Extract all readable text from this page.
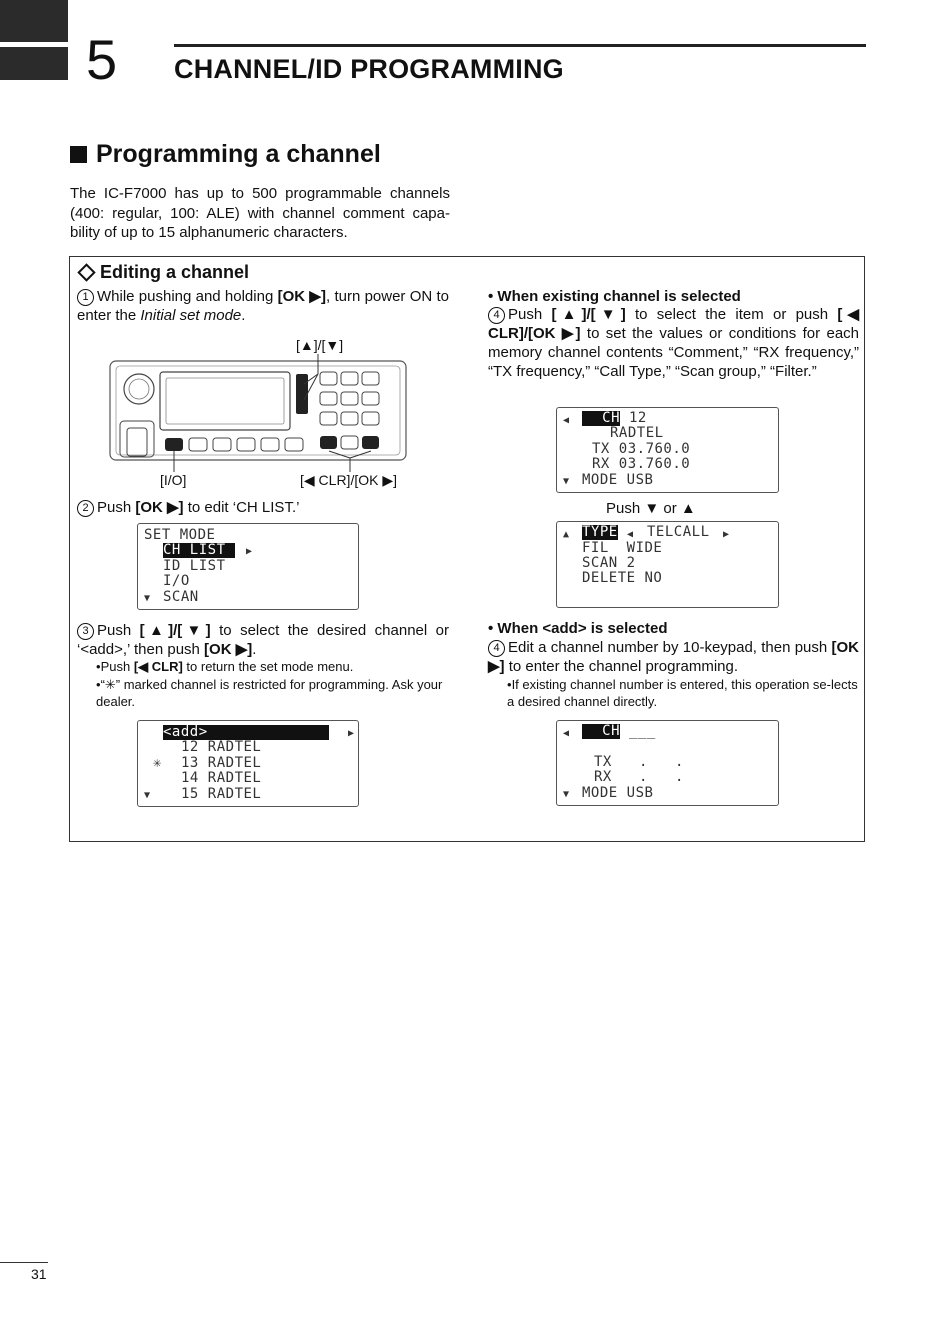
5 CHANNEL/ID PROGRAMMING
Programming a channel
The IC-F7000 has up to 500 programmable channels (400: regular, 100: ALE) with channel comment capa-bility of up to 15 alphanumeric characters.
Editing a channel
1 While pushing and holding [OK ▶], turn power ON to enter the Initial set mode.
[▲]/[▼]
[I/O]	[◀ CLR]/[OK ▶]
2 Push [OK ▶] to edit ‘CH LIST.’
SET MODE
CH LIST ▶
ID LIST
I/O
▼ SCAN
3 Push [▲]/[▼] to select the desired channel or ‘<add>,’ then push [OK ▶].
•Push [◀ CLR] to return the set mode menu.
•“✳” marked channel is restricted for programming. Ask your dealer.
<add>	▶
12 RADTEL
✳ 13 RADTEL
14 RADTEL
▼ 15 RADTEL
• When existing channel is selected
4 Push [▲]/[▼] to select the item or push [◀ CLR]/[OK ▶] to set the values or conditions for each memory channel contents “Comment,” “RX frequency,” “TX frequency,” “Call Type,” “Scan group,” “Filter.”
◀	CH 12
RADTEL
TX 03.760.0
RX 03.760.0
▼ MODE USB
Push ▼ or ▲
▲ TYPE ◀ TELCALL ▶
FIL  WIDE
SCAN 2
DELETE NO
• When <add> is selected
4 Edit a channel number by 10-keypad, then push [OK ▶] to enter the channel programming.
•If existing channel number is entered, this operation se-lects a desired channel directly.
◀	CH ___
TX . .
RX . .
▼ MODE USB
31
